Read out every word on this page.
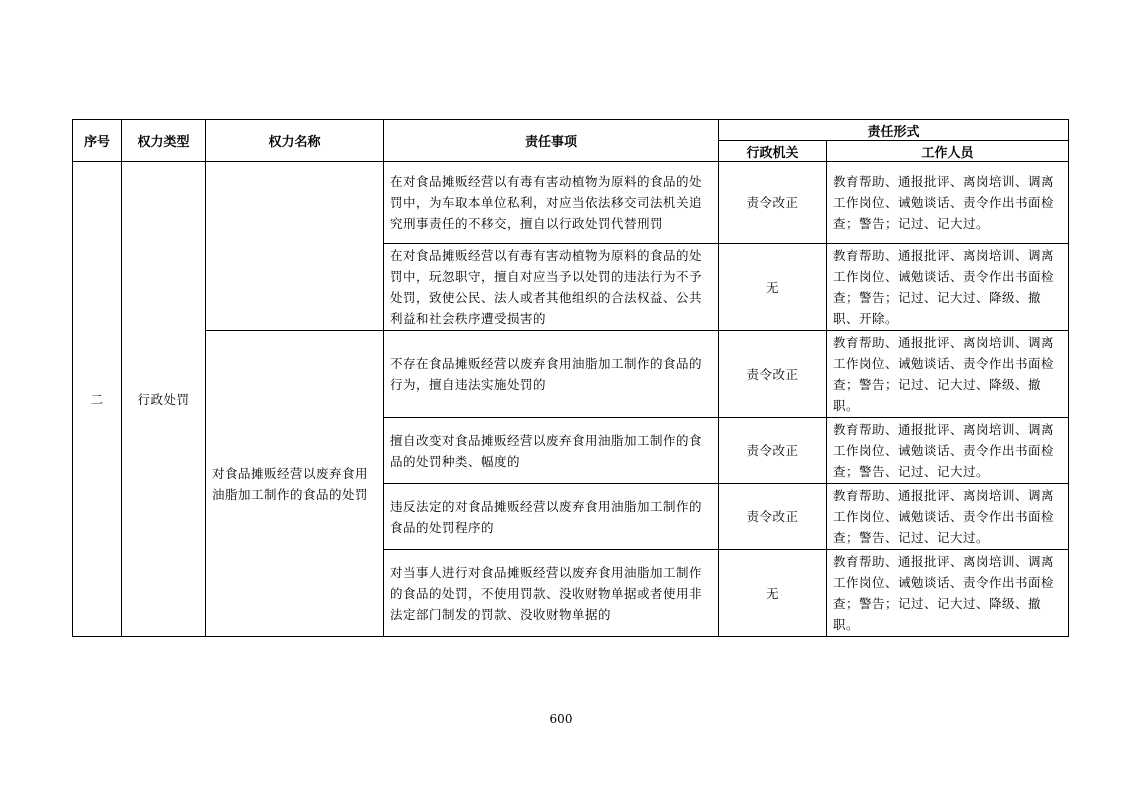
序号	权力类型	权力名称	责任事项	责任形式	
				行政机关	工作人员

二	行政处罚		在对食品摊贩经营以有毒有害动植物为原料的食品的处罚中，为车取本单位私利，对应当依法移交司法机关追究刑事责任的不移交，擅自以行政处罚代替刑罚	责令改正	教育帮助、通报批评、离岗培训、调离工作岗位、诫勉谈话、责令作出书面检查；警告；记过、记大过。

			在对食品摊贩经营以有毒有害动植物为原料的食品的处罚中，玩忽职守，擅自对应当予以处罚的违法行为不予处罚，致使公民、法人或者其他组织的合法权益、公共利益和社会秩序遭受损害的	无	教育帮助、通报批评、离岗培训、调离工作岗位、诫勉谈话、责令作出书面检查；警告；记过、记大过、降级、撤职、开除。

		对食品摊贩经营以废弃食用油脂加工制作的食品的处罚	不存在食品摊贩经营以废弃食用油脂加工制作的食品的行为，擅自违法实施处罚的	责令改正	教育帮助、通报批评、离岗培训、调离工作岗位、诫勉谈话、责令作出书面检查；警告；记过、记大过、降级、撤职。

			擅自改变对食品摊贩经营以废弃食用油脂加工制作的食品的处罚种类、幅度的	责令改正	教育帮助、通报批评、离岗培训、调离工作岗位、诫勉谈话、责令作出书面检查；警告、记过、记大过。

			违反法定的对食品摊贩经营以废弃食用油脂加工制作的食品的处罚程序的	责令改正	教育帮助、通报批评、离岗培训、调离工作岗位、诫勉谈话、责令作出书面检查；警告、记过、记大过。

			对当事人进行对食品摊贩经营以废弃食用油脂加工制作的食品的处罚，不使用罚款、没收财物单据或者使用非法定部门制发的罚款、没收财物单据的	无	教育帮助、通报批评、离岗培训、调离工作岗位、诫勉谈话、责令作出书面检查；警告；记过、记大过、降级、撤职。
600
